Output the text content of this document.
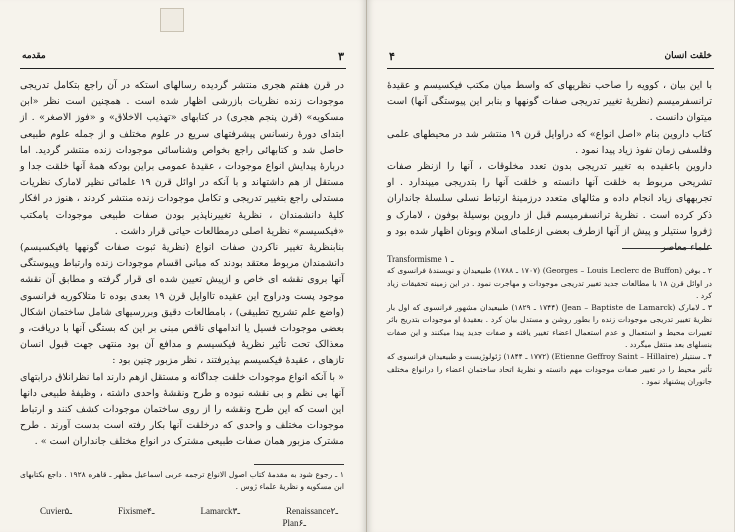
۳
مقدمه

در قرن هفتم هجری منتشر گردیده رسالهای استکه در آن راجع بتکامل تدریجی موجودات زنده نظریات بازرشی اظهار شده است . همچنین است نظر «ابن مسکویه» (قرن پنجم هجری) در کتابهای «تهذیب الاخلاق» و «فوز الاصغر» . از ابتدای دورهٔ رنسانس پیشرفتهای سریع در علوم مختلف و از جمله علوم طبیعی حاصل شد و کتابهائی راجع بخواص وشناسائی موجودات زنده منتشر گردید. اما دربارهٔ پیدایش انواع موجودات ، عقیدهٔ عمومی براین بودکه همهٔ آنها خلقت جدا و مستقل از هم داشتهاند و با آنکه در اوائل قرن ۱۹ علمائی نظیر لامارک نظریات مستدلی راجع بتغییر تدریجی و تکامل موجودات زنده منتشر کردند ، هنوز در افکار کلیهٔ دانشمندان ، نظریهٔ تغییرناپذیر بودن صفات طبیعی موجودات یامکتب «فیکسیسم» نظریهٔ اصلی درمطالعات حیاتی قرار داشت .

بنابنظریهٔ تغییر ناکردن صفات انواع (نظریهٔ ثبوت صفات گونهها یافیکسیسم) دانشمندان مربوط معتقد بودند که مبانی اقسام موجودات زنده وارتباط وپیوستگی آنها بروی نقشه ای خاص و ازپیش تعیین شده ای قرار گرفته و مطابق آن نقشه موجود پست ودراوج این عقیده تااوایل قرن ۱۹ بعدی بوده تا متلاکوریه فرانسوی (واضع علم تشریح تطبیقی) ، بامطالعات دقیق وبررسیهای شامل ساختمان اشکال بعضی موجودات فسیل یا اندامهای ناقص مبنی بر این که بستگی آنها با دریافت، و معذالک تحت تأثیر نظریهٔ فیکسیسم و مدافع آن بود منتهی جهت قبول انسان تازهای ، عقیدهٔ فیکسیسم بپذیرفتند ، نظر مزبور چنین بود :

« با آنکه انواع موجودات خلقت جداگانه و مستقل ازهم دارند اما نظرانلاق درابتهای آنها بی نظم و بی نقشه نبوده و طرح ونقشهٔ واحدی داشته ، وظیفهٔ طبیعی دانها این است که این طرح ونقشه را از روی ساختمان موجودات کشف کنند و ارتباط موجودات مختلف و واحدی که درخلقت آنها بکار رفته است بدست آورند . طرح مشترک مزبور همان صفات طبیعی مشترک در انواع مختلف جانداران است » .

۱ ـ رجوع شود به مقدمهٔ کتاب اصول الانواع ترجمه عربی اسماعیل مظهر ـ قاهره ۱۹۲۸ . داجع بکتابهای ابن مسکویه و نظریهٔ علماء ژوس .

Cuvier ـ۵	Fixisme ـ۴	Lamarck ـ۳	Renaissance ـ۲
Plan ـ۶
۴	خلقت انسان

با این بیان ، کوویه را صاحب نظریهای که واسط میان مکتب فیکسیسم و عقیدهٔ ترانسفرمیسم (نظریهٔ تغییر تدریجی صفات گونهها و بنابر این پیوستگی آنها) است میتوان دانست .

کتاب داروین بنام «اصل انواع» که دراوایل قرن ۱۹ منتشر شد در محیطهای علمی وفلسفی زمان نفوذ زیاد پیدا نمود .

داروین باعقیده به تغییر تدریجی بدون تعدد مخلوقات ، آنها را ازنظر صفات تشریحی مربوط به خلقت آنها دانسته و خلقت آنها را بتدریجی میپندارد . او تجربههای زیاد انجام داده و مثالهای متعدد درزمینهٔ ارتباط نسلی سلسلهٔ جانداران ذکر کرده است . نظریهٔ ترانسفرمیسم قبل از داروین بوسیلهٔ بوفون ، لامارک و ژفروا سنتیلر و پیش از آنها ازطرف بعضی ازعلمای اسلام وبونان اظهار شده بود و علماء معاصر

Transformisme ـ ۱

۲ ـ بوفن (Georges – Louis Leclerc de Buffon) (۱۷۰۷ ـ ۱۷۸۸) طبیعیدان و نویسندهٔ فرانسوی که در اوائل قرن ۱۸ با مطالعات جدید تغییر تدریجی موجودات و مهاجرت نمود . در این زمینه تحقیقات زیاد کرد .

۳ ـ لامارک (Jean – Baptiste de Lamarck) (۱۷۴۴ ـ ۱۸۲۹) طبیعیدان مشهور فرانسوی که اول بار نظریهٔ تغییر تدریجی موجودات زنده را بطور روشن و مستدل بیان کرد . بعقیدهٔ او موجودات بتدریج باثر تغییرات محیط و استعمال و عدم استعمال اعضاء تغییر یافته و صفات جدید پیدا میکنند و این صفات بنسلهای بعد منتقل میگردد .

۴ ـ سنتیلر (Etienne Geffroy Saint – Hillaire) (۱۷۷۲ ـ ۱۸۴۴) ژئولوژیست و طبیعیدان فرانسوی که تأثیر محیط را در تغییر صفات موجودات مهم دانسته و نظریهٔ اتحاد ساختمان اعضاء را درانواع مختلف جانوران پیشنهاد نمود .
